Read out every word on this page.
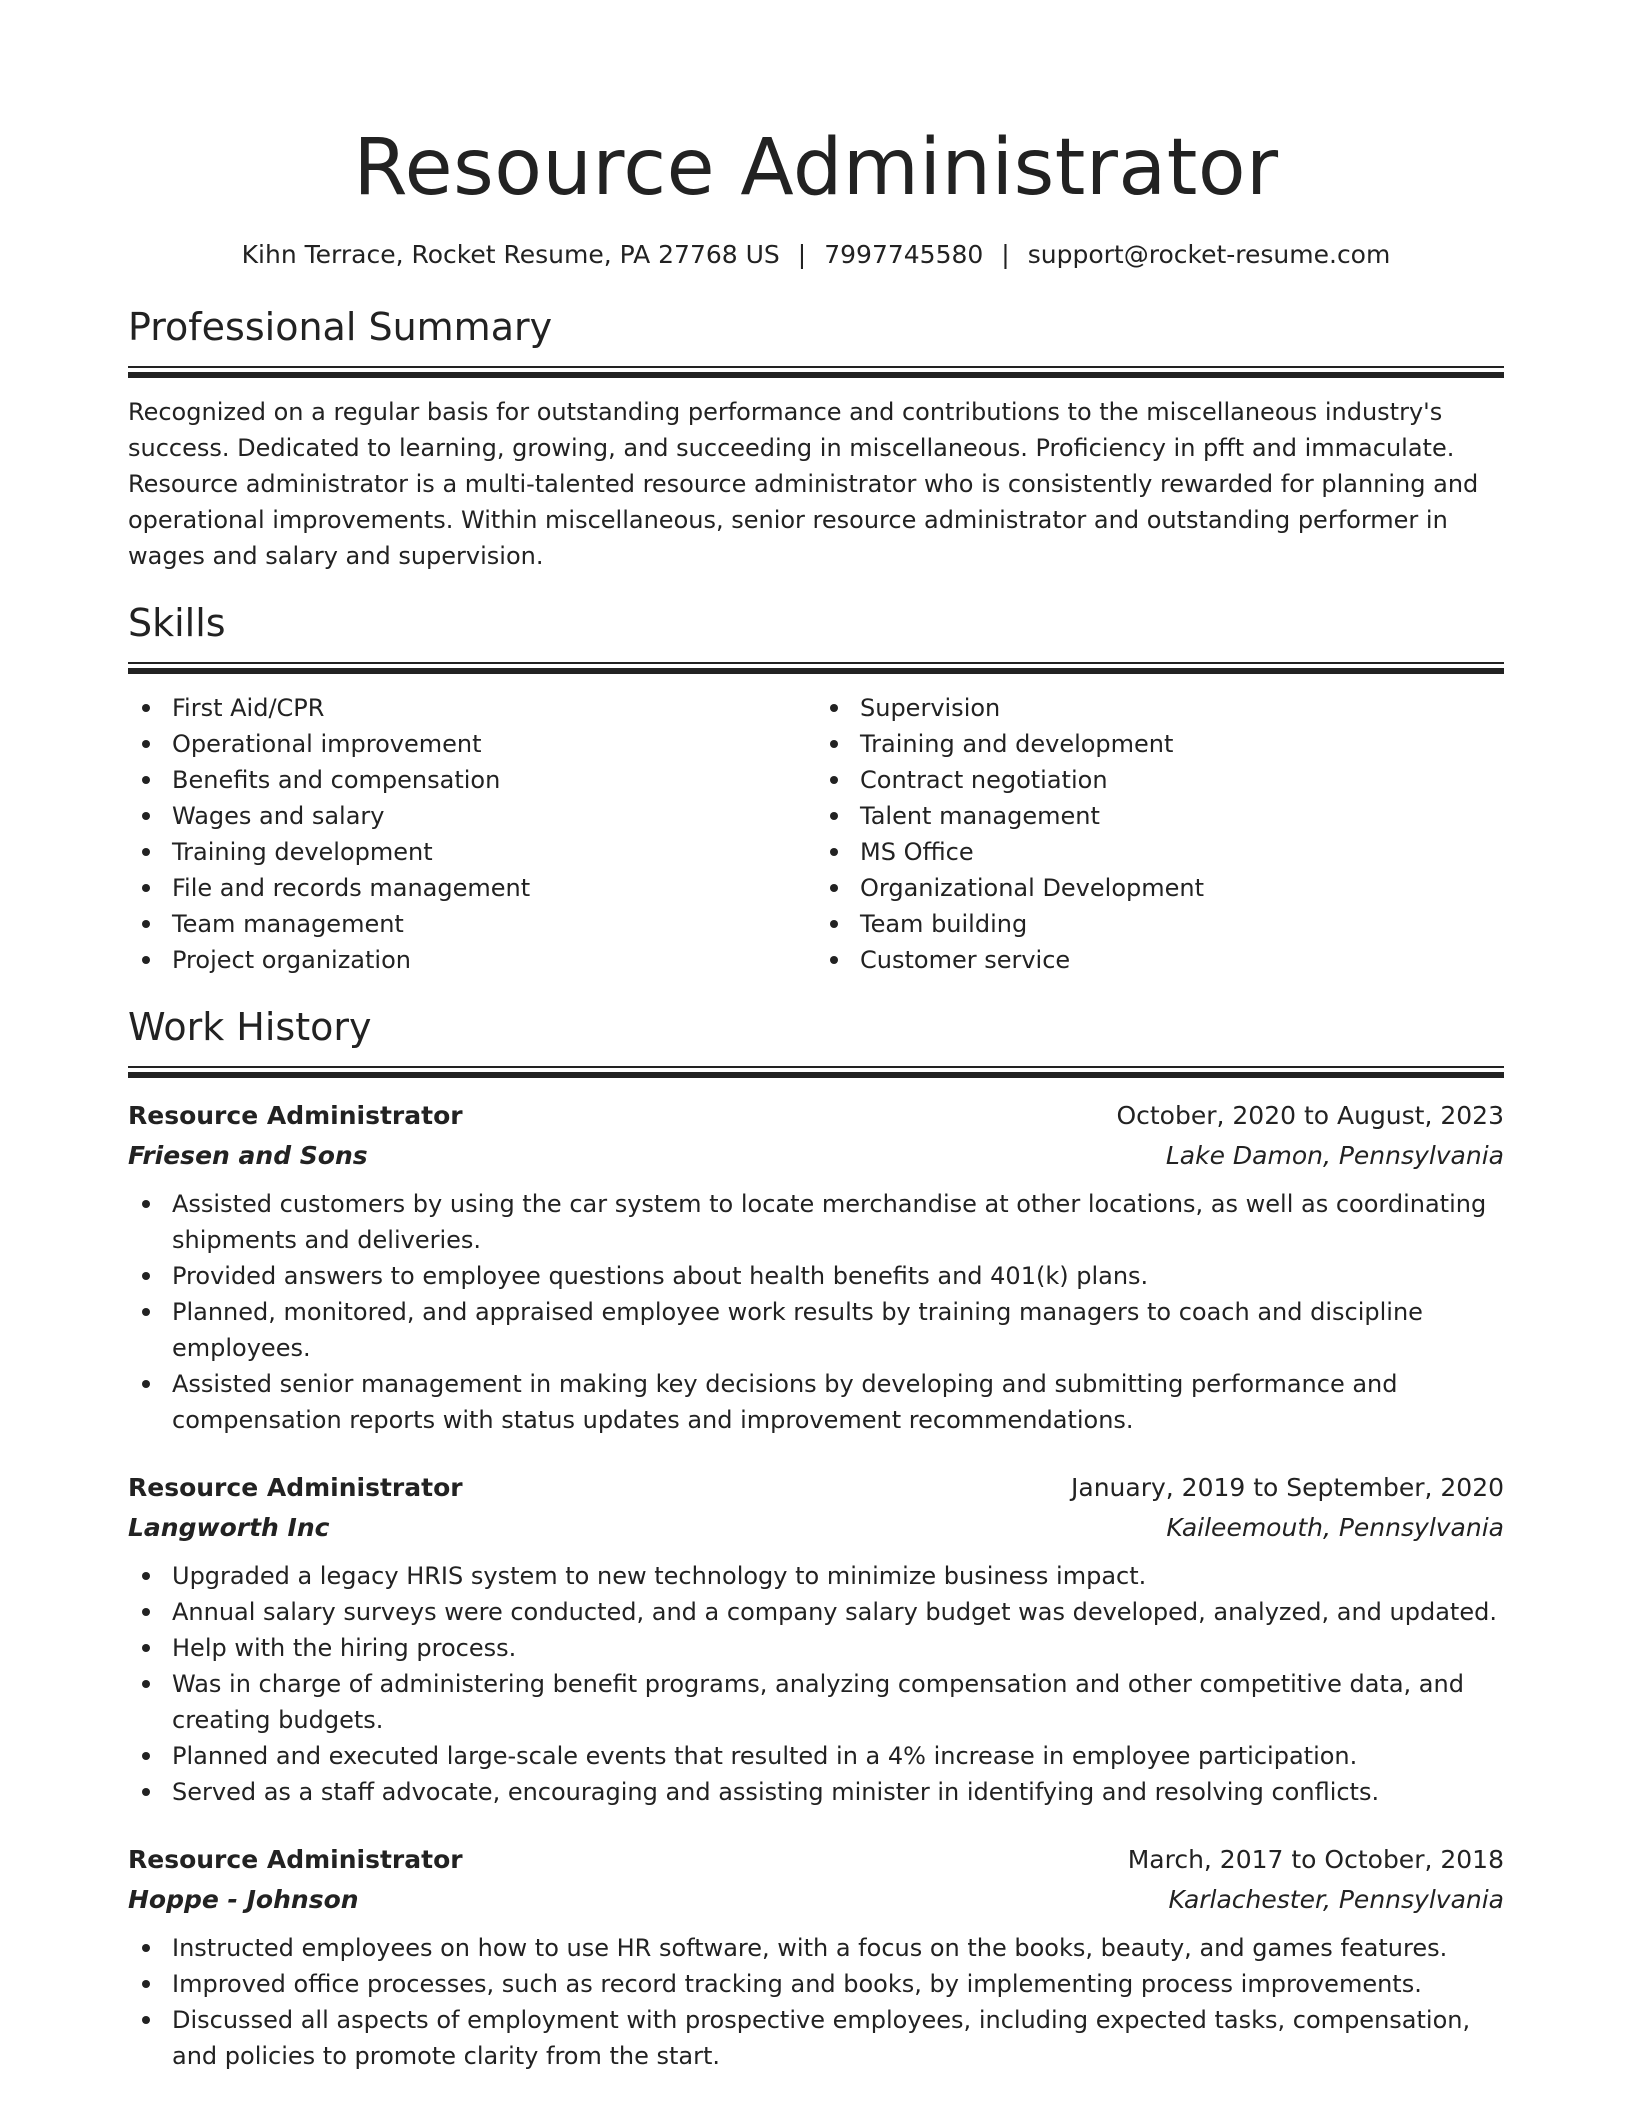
Resource Administrator
Kihn Terrace, Rocket Resume, PA 27768 US | 7997745580 | support@rocket-resume.com
Professional Summary

Recognized on a regular basis for outstanding performance and contributions to the miscellaneous industry's success. Dedicated to learning, growing, and succeeding in miscellaneous. Proficiency in pfft and immaculate. Resource administrator is a multi-talented resource administrator who is consistently rewarded for planning and operational improvements. Within miscellaneous, senior resource administrator and outstanding performer in wages and salary and supervision.

Skills
First Aid/CPR
Operational improvement
Benefits and compensation
Wages and salary
Training development
File and records management
Team management
Project organization
Supervision
Training and development
Contract negotiation
Talent management
MS Office
Organizational Development
Team building
Customer service
Work History
Resource Administrator	October, 2020 to August, 2023
Friesen and Sons	Lake Damon, Pennsylvania
Assisted customers by using the car system to locate merchandise at other locations, as well as coordinating shipments and deliveries.
Provided answers to employee questions about health benefits and 401(k) plans.
Planned, monitored, and appraised employee work results by training managers to coach and discipline employees.
Assisted senior management in making key decisions by developing and submitting performance and compensation reports with status updates and improvement recommendations.
Resource Administrator	January, 2019 to September, 2020
Langworth Inc	Kaileemouth, Pennsylvania
Upgraded a legacy HRIS system to new technology to minimize business impact.
Annual salary surveys were conducted, and a company salary budget was developed, analyzed, and updated.
Help with the hiring process.
Was in charge of administering benefit programs, analyzing compensation and other competitive data, and creating budgets.
Planned and executed large-scale events that resulted in a 4% increase in employee participation.
Served as a staff advocate, encouraging and assisting minister in identifying and resolving conflicts.
Resource Administrator	March, 2017 to October, 2018
Hoppe - Johnson	Karlachester, Pennsylvania
Instructed employees on how to use HR software, with a focus on the books, beauty, and games features.
Improved office processes, such as record tracking and books, by implementing process improvements.
Discussed all aspects of employment with prospective employees, including expected tasks, compensation, and policies to promote clarity from the start.
